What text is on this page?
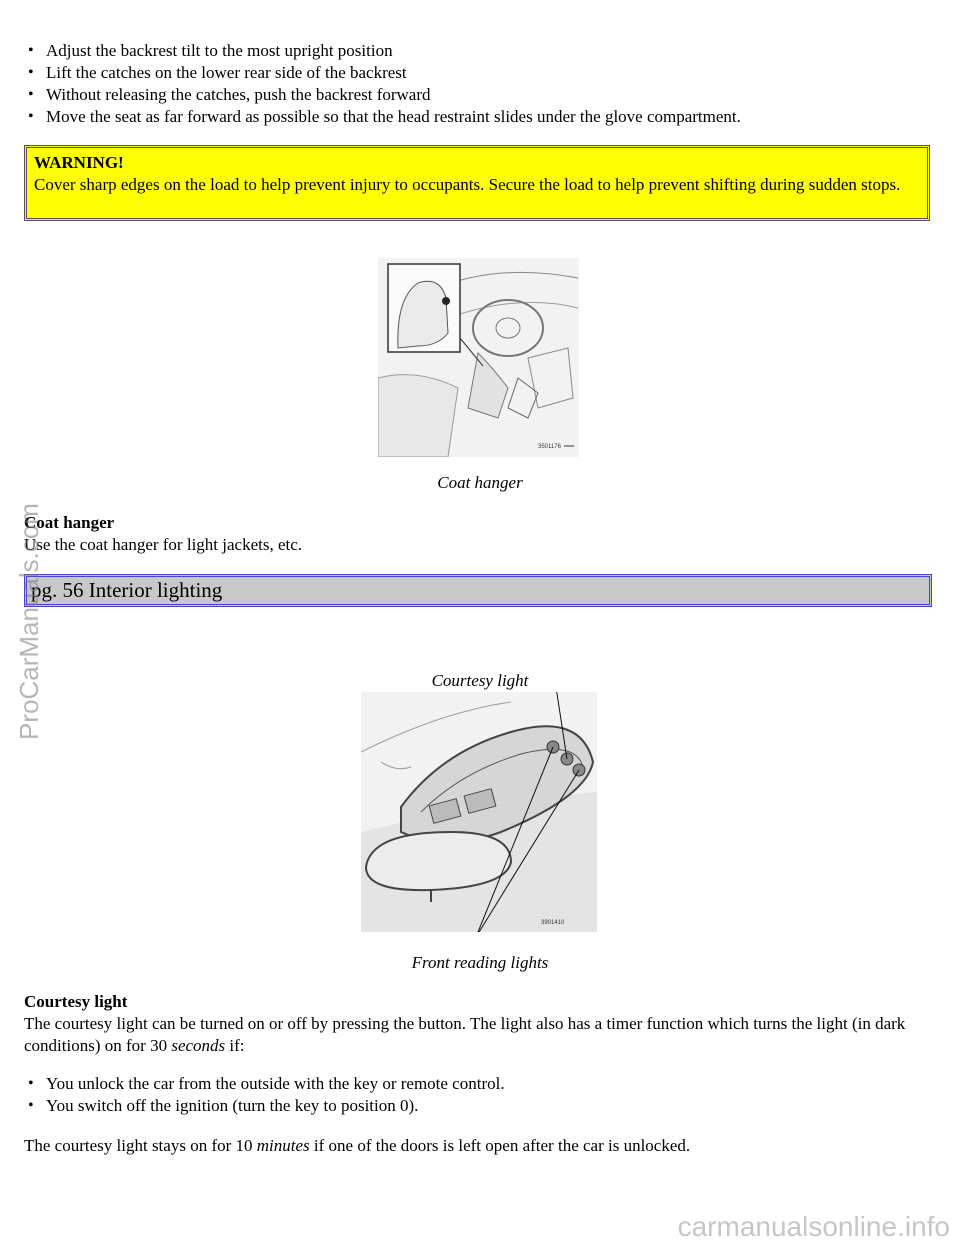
• Adjust the backrest tilt to the most upright position
• Lift the catches on the lower rear side of the backrest
• Without releasing the catches, push the backrest forward
• Move the seat as far forward as possible so that the head restraint slides under the glove compartment.
WARNING!
Cover sharp edges on the load to help prevent injury to occupants. Secure the load to help prevent shifting during sudden stops.
3501176
Coat hanger
Coat hanger
Use the coat hanger for light jackets, etc.
pg. 56 Interior lighting
Courtesy light
3901410
Front reading lights
Courtesy light
The courtesy light can be turned on or off by pressing the button. The light also has a timer function which turns the light (in dark conditions) on for 30 seconds if:
• You unlock the car from the outside with the key or remote control.
• You switch off the ignition (turn the key to position 0).
The courtesy light stays on for 10 minutes if one of the doors is left open after the car is unlocked.
ProCarManuals.com
carmanualsonline.info
